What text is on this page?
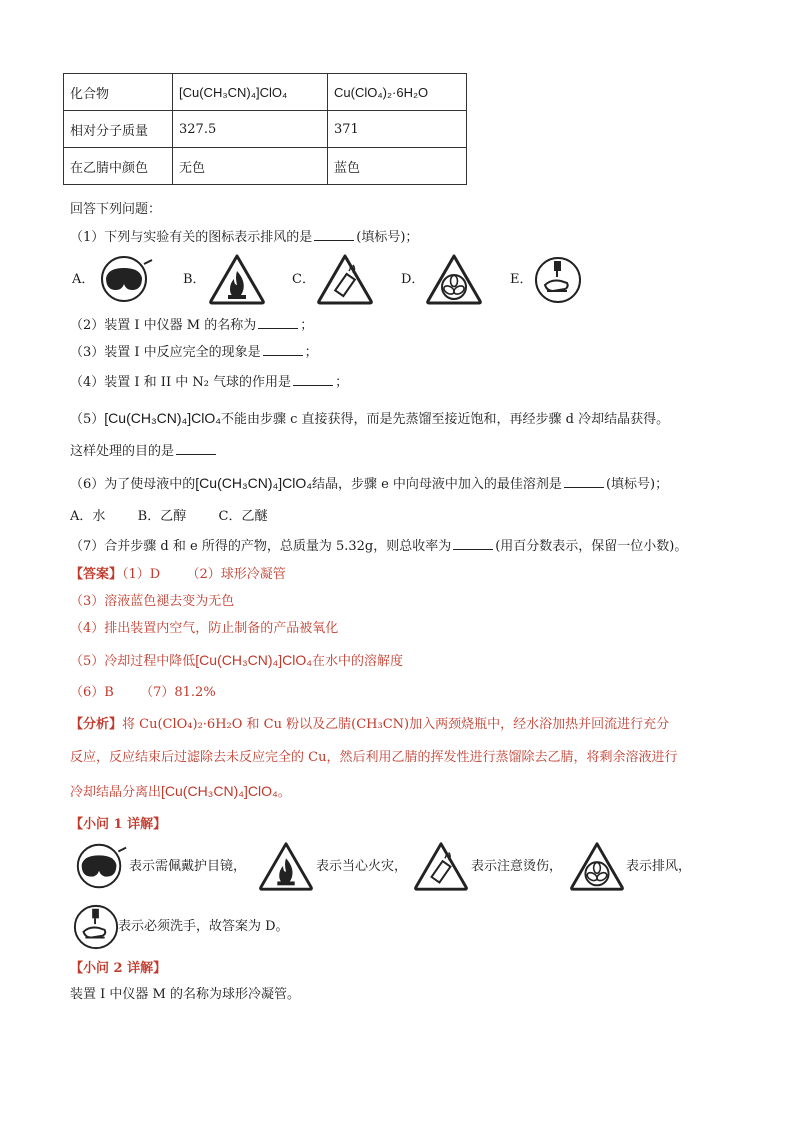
化合物	[Cu(CH₃CN)₄]ClO₄	Cu(ClO₄)₂·6H₂O
相对分子质量	327.5	371
在乙腈中颜色	无色	蓝色
回答下列问题：
（1）下列与实验有关的图标表示排风的是	(填标号)；
A．	B．	C．	D．	E．
（2）装置 I 中仪器 M 的名称为	；
（3）装置 I 中反应完全的现象是	；
（4）装置 I 和 II 中 N₂ 气球的作用是	；
（5）[Cu(CH₃CN)₄]ClO₄不能由步骤 c 直接获得，而是先蒸馏至接近饱和，再经步骤 d 冷却结晶获得。
这样处理的目的是
（6）为了使母液中的[Cu(CH₃CN)₄]ClO₄结晶，步骤 e 中向母液中加入的最佳溶剂是	(填标号)；
A．水 B．乙醇 C．乙醚
（7）合并步骤 d 和 e 所得的产物，总质量为 5.32g，则总收率为	(用百分数表示，保留一位小数)。
【答案】（1）D （2）球形冷凝管
（3）溶液蓝色褪去变为无色
（4）排出装置内空气，防止制备的产品被氧化
（5）冷却过程中降低[Cu(CH₃CN)₄]ClO₄在水中的溶解度
（6）B （7）81.2%
【分析】将 Cu(ClO₄)₂·6H₂O 和 Cu 粉以及乙腈(CH₃CN)加入两颈烧瓶中，经水浴加热并回流进行充分
反应，反应结束后过滤除去未反应完全的 Cu，然后利用乙腈的挥发性进行蒸馏除去乙腈，将剩余溶液进行
冷却结晶分离出[Cu(CH₃CN)₄]ClO₄。
【小问 1 详解】
表示需佩戴护目镜，	表示当心火灾，	表示注意烫伤，	表示排风，
表示必须洗手，故答案为 D。
【小问 2 详解】
装置 I 中仪器 M 的名称为球形冷凝管。
